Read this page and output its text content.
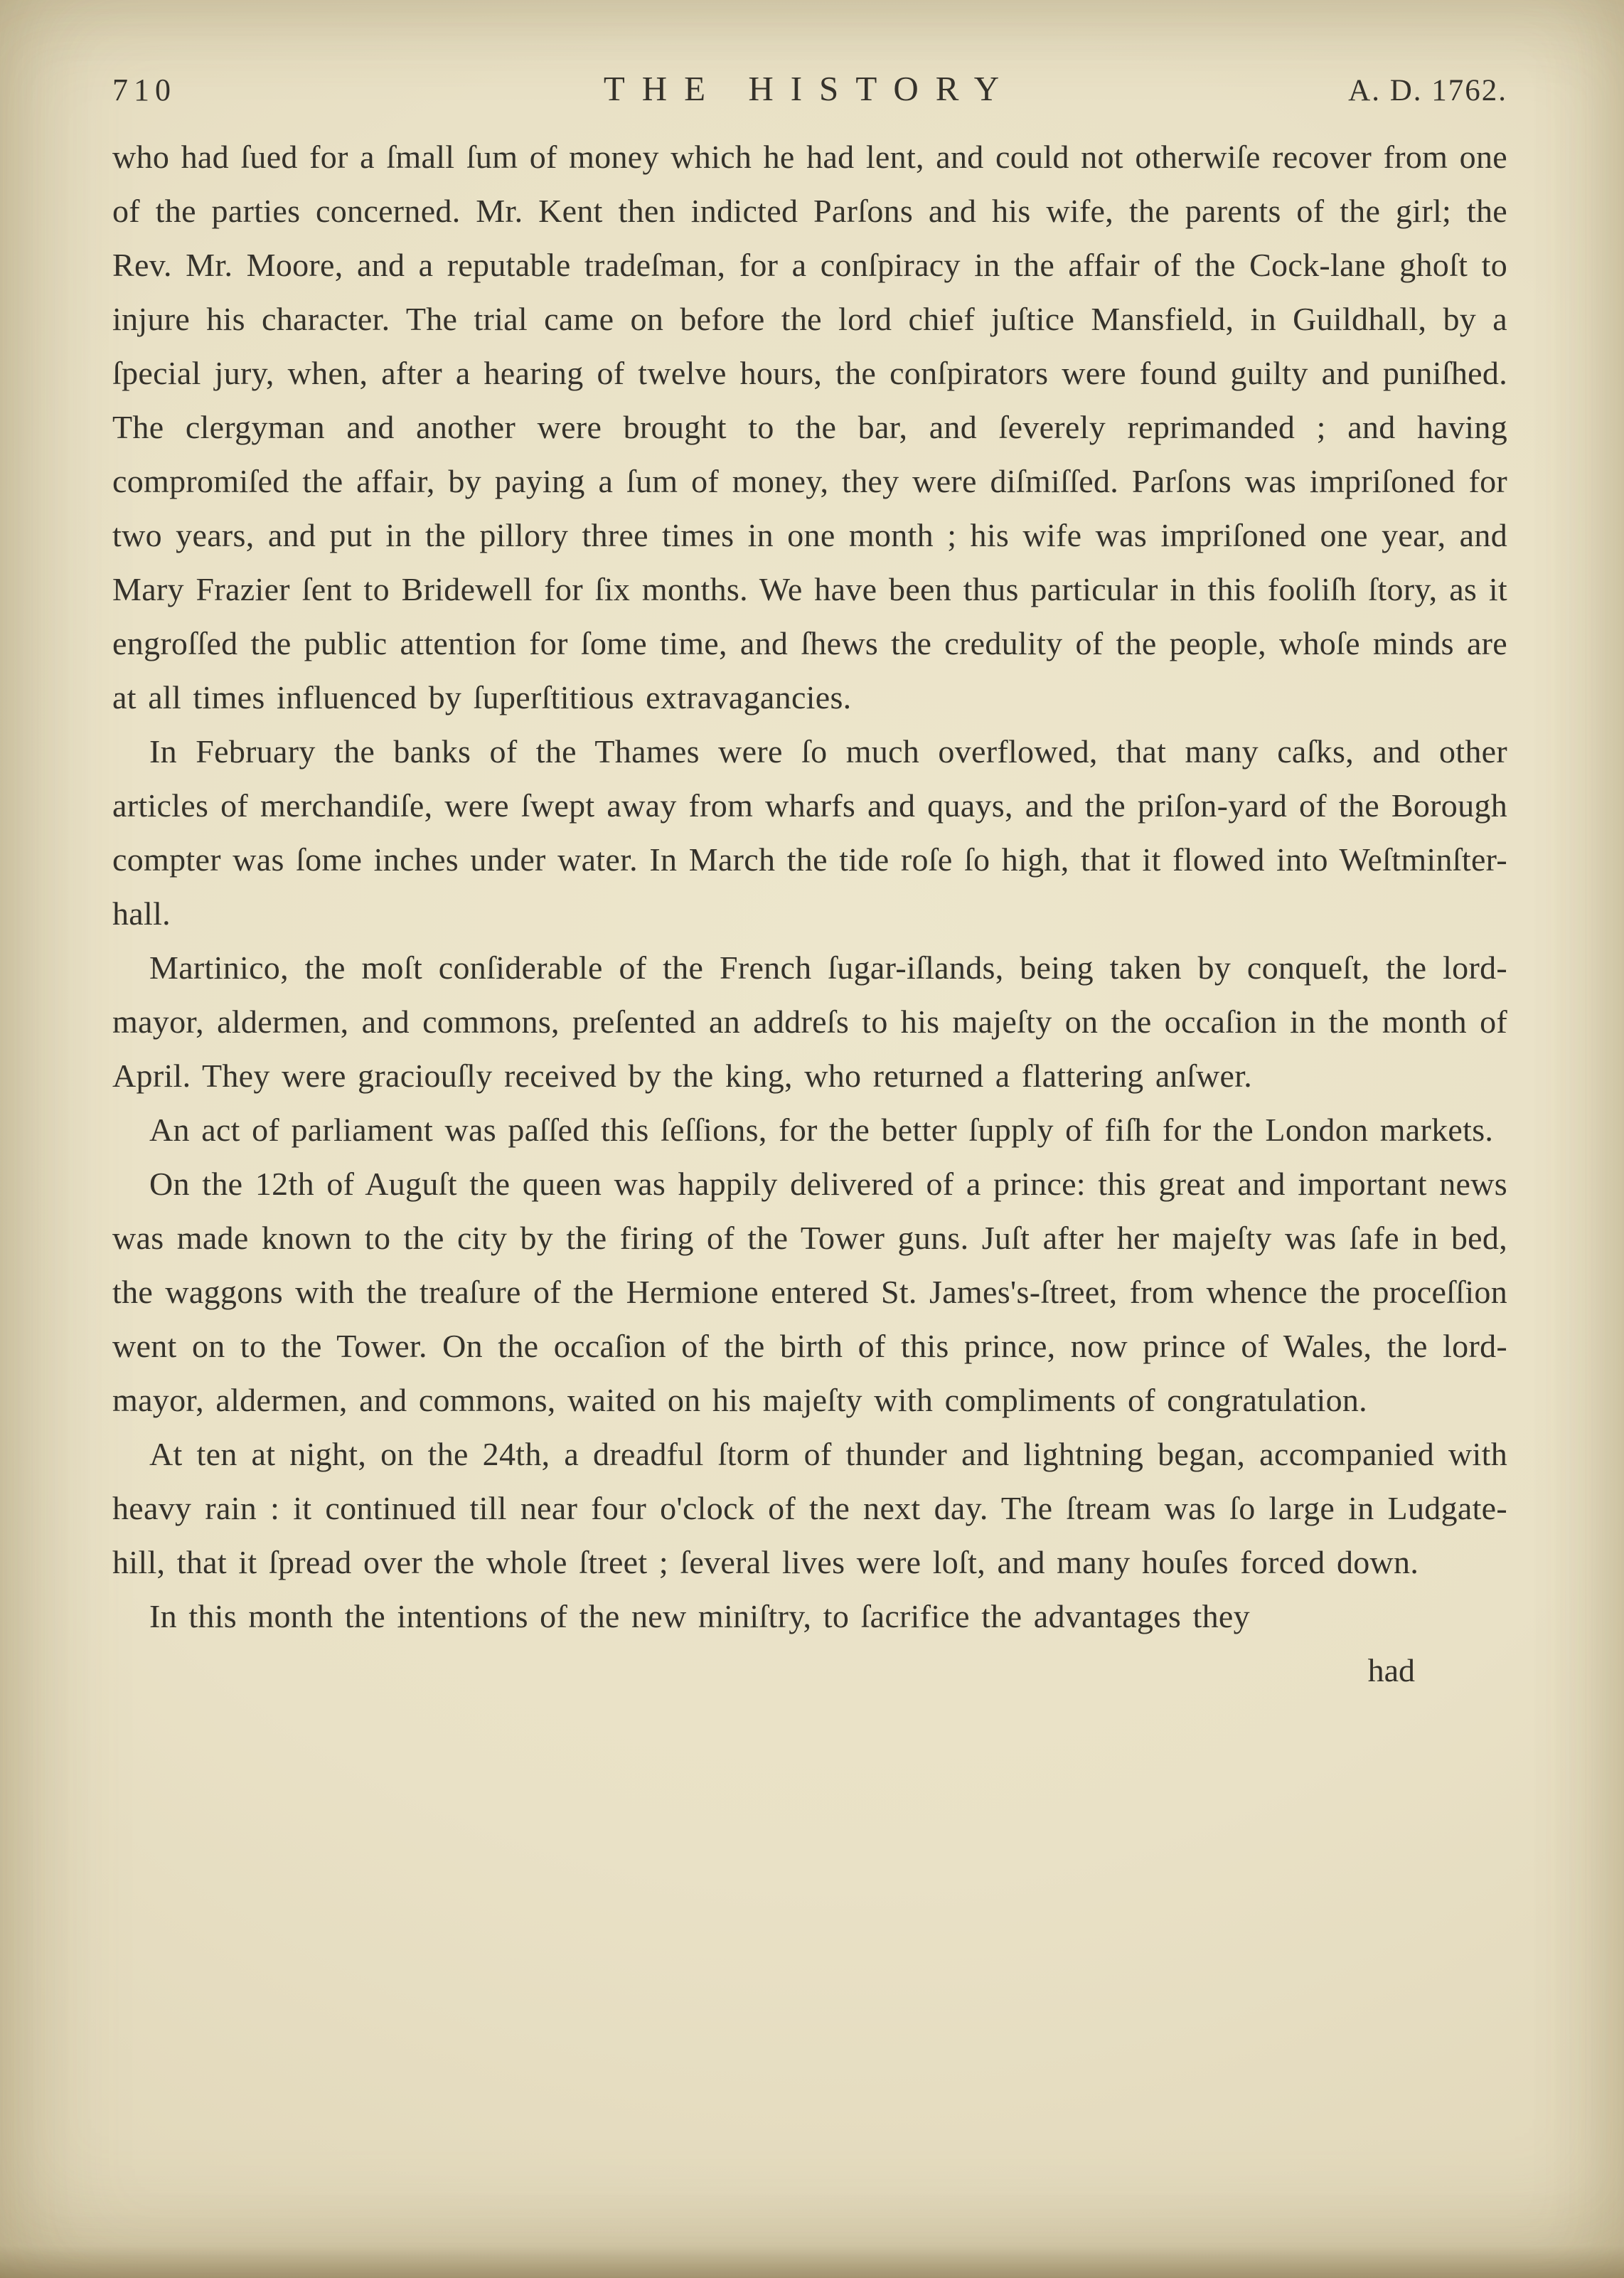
710	THE HISTORY	A. D. 1762.

who had ſued for a ſmall ſum of money which he had lent, and could not otherwiſe recover from one of the parties concerned. Mr. Kent then indicted Parſons and his wife, the parents of the girl; the Rev. Mr. Moore, and a reputable tradeſman, for a conſpiracy in the affair of the Cock-lane ghoſt to injure his character. The trial came on before the lord chief juſtice Mansfield, in Guildhall, by a ſpecial jury, when, after a hearing of twelve hours, the conſpirators were found guilty and puniſhed. The clergyman and another were brought to the bar, and ſeverely reprimanded ; and having compromiſed the affair, by paying a ſum of money, they were diſmiſſed. Parſons was impriſoned for two years, and put in the pillory three times in one month ; his wife was impriſoned one year, and Mary Frazier ſent to Bridewell for ſix months. We have been thus particular in this fooliſh ſtory, as it engroſſed the public attention for ſome time, and ſhews the credulity of the people, whoſe minds are at all times influenced by ſuperſtitious extravagancies.

In February the banks of the Thames were ſo much overflowed, that many caſks, and other articles of merchandiſe, were ſwept away from wharfs and quays, and the priſon-yard of the Borough compter was ſome inches under water. In March the tide roſe ſo high, that it flowed into Weſtminſter-hall.

Martinico, the moſt conſiderable of the French ſugar-iſlands, being taken by conqueſt, the lord-mayor, aldermen, and commons, preſented an addreſs to his majeſty on the occaſion in the month of April. They were graciouſly received by the king, who returned a flattering anſwer.

An act of parliament was paſſed this ſeſſions, for the better ſupply of fiſh for the London markets.

On the 12th of Auguſt the queen was happily delivered of a prince: this great and important news was made known to the city by the firing of the Tower guns. Juſt after her majeſty was ſafe in bed, the waggons with the treaſure of the Hermione entered St. James's-ſtreet, from whence the proceſſion went on to the Tower. On the occaſion of the birth of this prince, now prince of Wales, the lord-mayor, aldermen, and commons, waited on his majeſty with compliments of congratulation.

At ten at night, on the 24th, a dreadful ſtorm of thunder and lightning began, accompanied with heavy rain : it continued till near four o'clock of the next day. The ſtream was ſo large in Ludgate-hill, that it ſpread over the whole ſtreet ; ſeveral lives were loſt, and many houſes forced down.

In this month the intentions of the new miniſtry, to ſacrifice the advantages they

had
